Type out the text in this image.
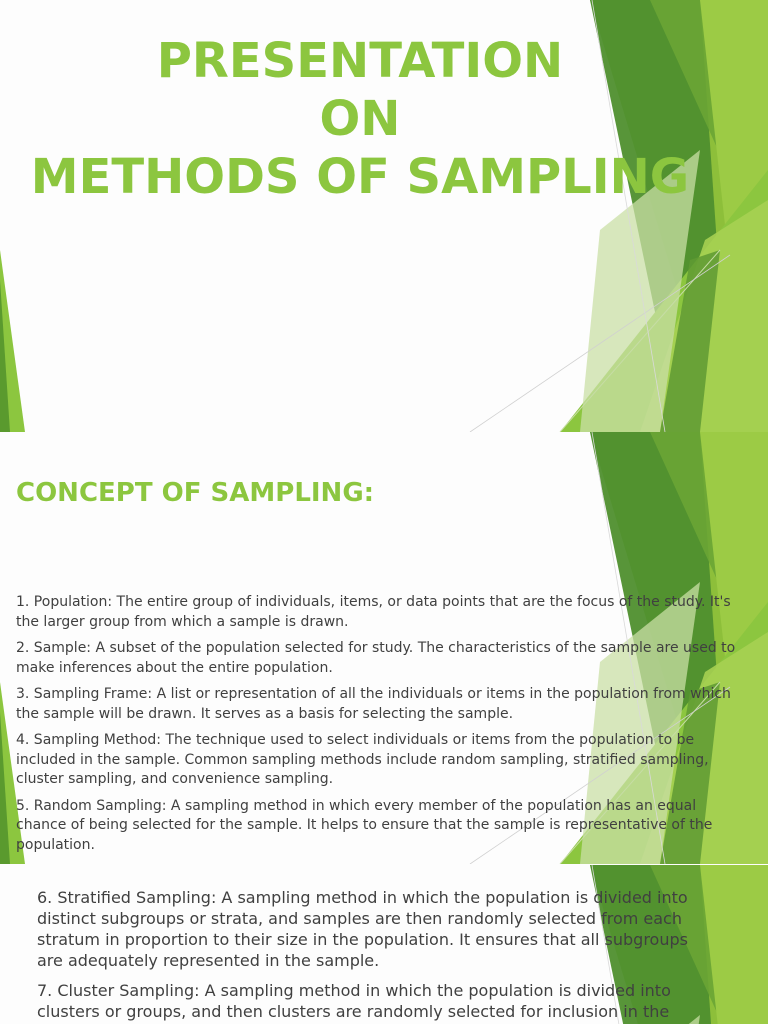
PRESENTATION
ON
METHODS OF SAMPLING
CONCEPT OF SAMPLING:

1. Population: The entire group of individuals, items, or data points that are the focus of the study. It's the larger group from which a sample is drawn.

2. Sample: A subset of the population selected for study. The characteristics of the sample are used to make inferences about the entire population.

3. Sampling Frame: A list or representation of all the individuals or items in the population from which the sample will be drawn. It serves as a basis for selecting the sample.

4. Sampling Method: The technique used to select individuals or items from the population to be included in the sample. Common sampling methods include random sampling, stratified sampling, cluster sampling, and convenience sampling.

5. Random Sampling: A sampling method in which every member of the population has an equal chance of being selected for the sample. It helps to ensure that the sample is representative of the population.

6. Stratified Sampling: A sampling method in which the population is divided into distinct subgroups or strata, and samples are then randomly selected from each stratum in proportion to their size in the population. It ensures that all subgroups are adequately represented in the sample.

7. Cluster Sampling: A sampling method in which the population is divided into clusters or groups, and then clusters are randomly selected for inclusion in the
